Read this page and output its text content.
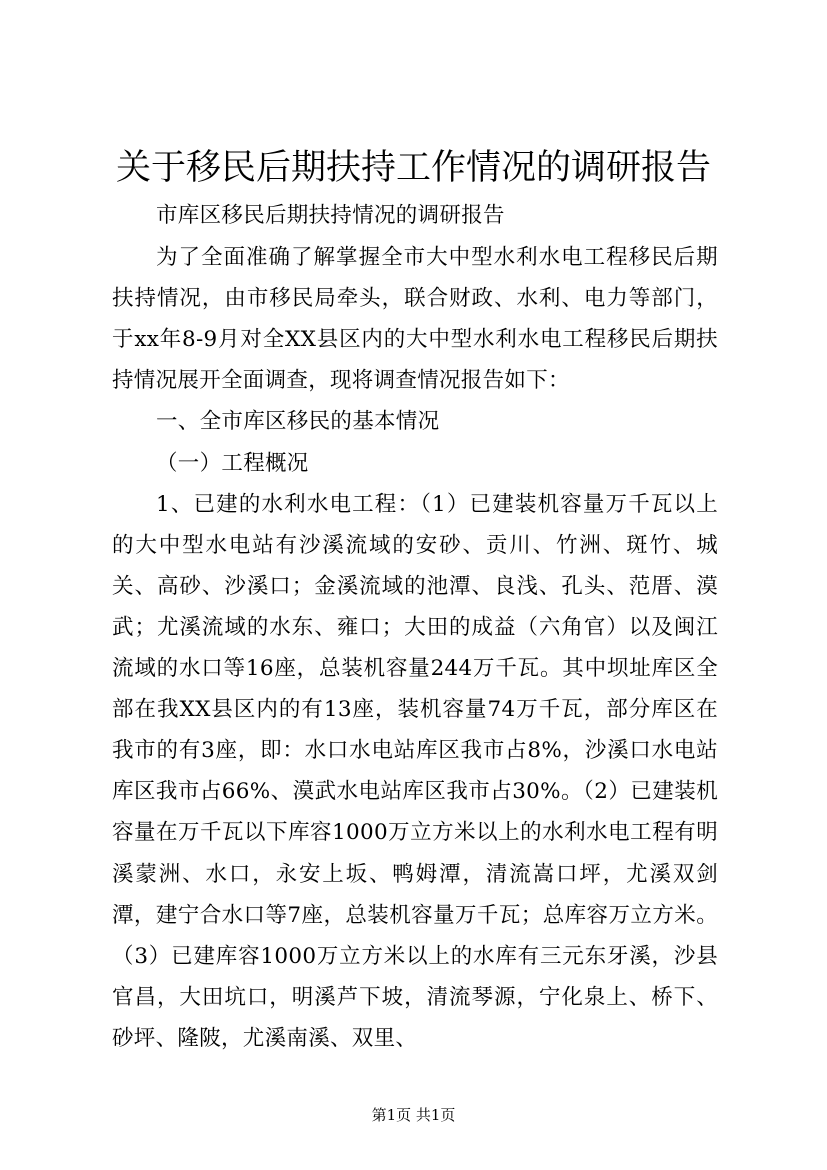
关于移民后期扶持工作情况的调研报告

市库区移民后期扶持情况的调研报告

为了全面准确了解掌握全市大中型水利水电工程移民后期扶持情况，由市移民局牵头，联合财政、水利、电力等部门，于xx年8-9月对全XX县区内的大中型水利水电工程移民后期扶持情况展开全面调查，现将调查情况报告如下：

一、全市库区移民的基本情况

（一）工程概况

1、已建的水利水电工程：（1）已建装机容量万千瓦以上的大中型水电站有沙溪流域的安砂、贡川、竹洲、斑竹、城关、高砂、沙溪口；金溪流域的池潭、良浅、孔头、范厝、漠武；尤溪流域的水东、雍口；大田的成益（六角官）以及闽江流域的水口等16座，总装机容量244万千瓦。其中坝址库区全部在我XX县区内的有13座，装机容量74万千瓦，部分库区在我市的有3座，即：水口水电站库区我市占8%，沙溪口水电站库区我市占66%、漠武水电站库区我市占30%。（2）已建装机容量在万千瓦以下库容1000万立方米以上的水利水电工程有明溪蒙洲、水口，永安上坂、鸭姆潭，清流嵩口坪，尤溪双剑潭，建宁合水口等7座，总装机容量万千瓦；总库容万立方米。（3）已建库容1000万立方米以上的水库有三元东牙溪，沙县官昌，大田坑口，明溪芦下坡，清流琴源，宁化泉上、桥下、砂坪、隆陂，尤溪南溪、双里、

第1页 共1页
